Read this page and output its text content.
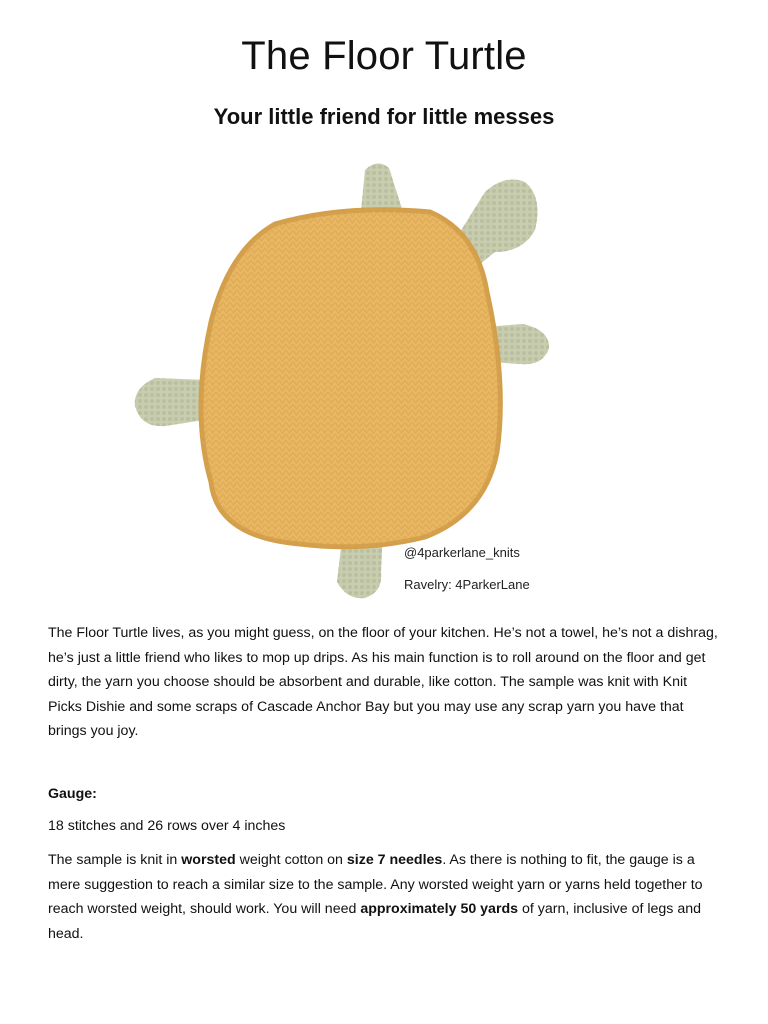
The Floor Turtle
Your little friend for little messes
@4parkerlane_knits
Ravelry: 4ParkerLane

The Floor Turtle lives, as you might guess, on the floor of your kitchen. He’s not a towel, he’s not a dishrag, he’s just a little friend who likes to mop up drips. As his main function is to roll around on the floor and get dirty, the yarn you choose should be absorbent and durable, like cotton. The sample was knit with Knit Picks Dishie and some scraps of Cascade Anchor Bay but you may use any scrap yarn you have that brings you joy.

Gauge:

18 stitches and 26 rows over 4 inches

The sample is knit in worsted weight cotton on size 7 needles. As there is nothing to fit, the gauge is a mere suggestion to reach a similar size to the sample. Any worsted weight yarn or yarns held together to reach worsted weight, should work. You will need approximately 50 yards of yarn, inclusive of legs and head.
